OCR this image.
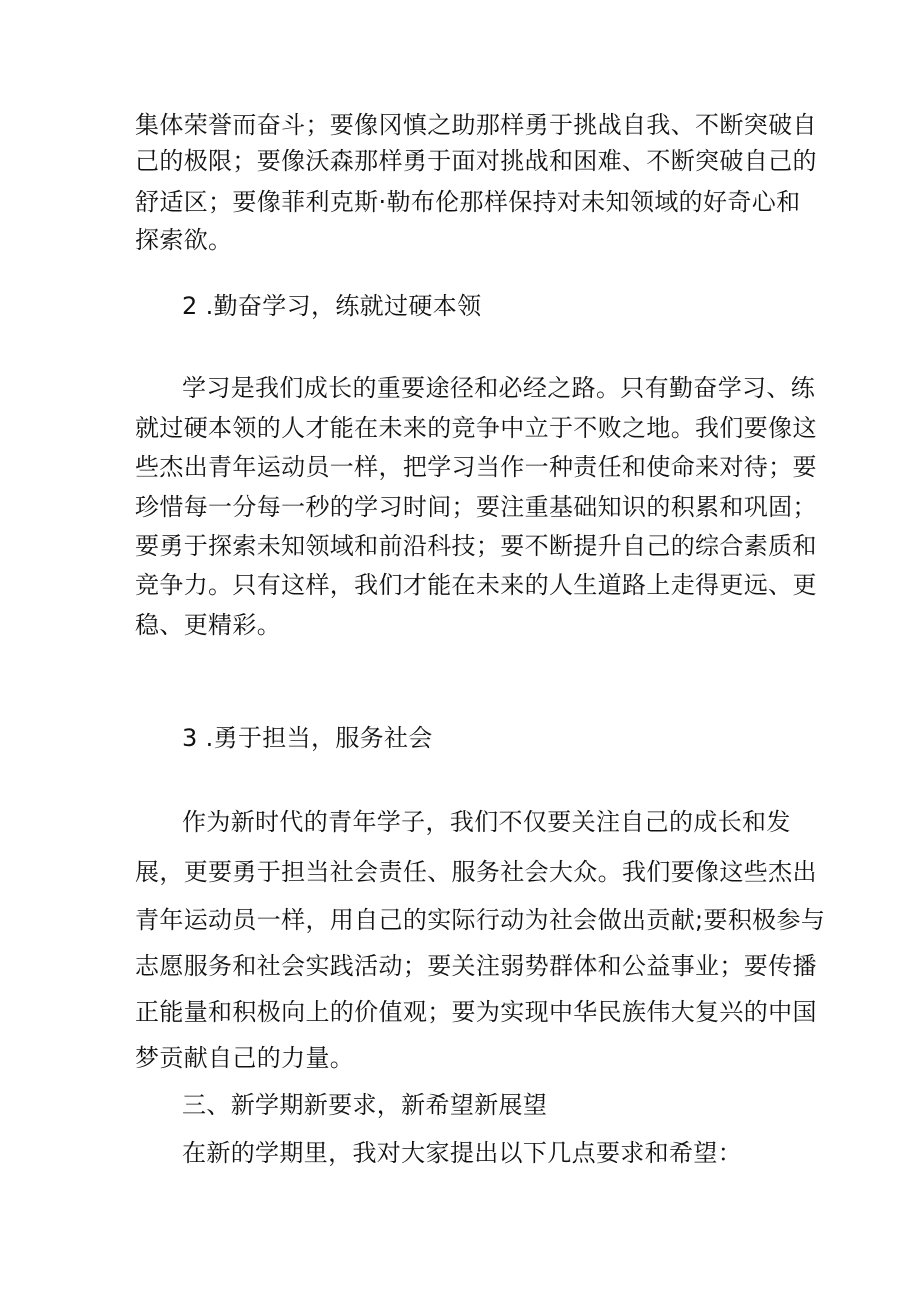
集体荣誉而奋斗；要像冈慎之助那样勇于挑战自我、不断突破自
己的极限；要像沃森那样勇于面对挑战和困难、不断突破自己的
舒适区；要像菲利克斯·勒布伦那样保持对未知领域的好奇心和
探索欲。
2 .勤奋学习，练就过硬本领
学习是我们成长的重要途径和必经之路。只有勤奋学习、练
就过硬本领的人才能在未来的竞争中立于不败之地。我们要像这
些杰出青年运动员一样，把学习当作一种责任和使命来对待；要
珍惜每一分每一秒的学习时间；要注重基础知识的积累和巩固；
要勇于探索未知领域和前沿科技；要不断提升自己的综合素质和
竞争力。只有这样，我们才能在未来的人生道路上走得更远、更
稳、更精彩。
3 .勇于担当，服务社会
作为新时代的青年学子，我们不仅要关注自己的成长和发
展，更要勇于担当社会责任、服务社会大众。我们要像这些杰出
青年运动员一样，用自己的实际行动为社会做出贡献;要积极参与
志愿服务和社会实践活动；要关注弱势群体和公益事业；要传播
正能量和积极向上的价值观；要为实现中华民族伟大复兴的中国
梦贡献自己的力量。
三、新学期新要求，新希望新展望
在新的学期里，我对大家提出以下几点要求和希望：
